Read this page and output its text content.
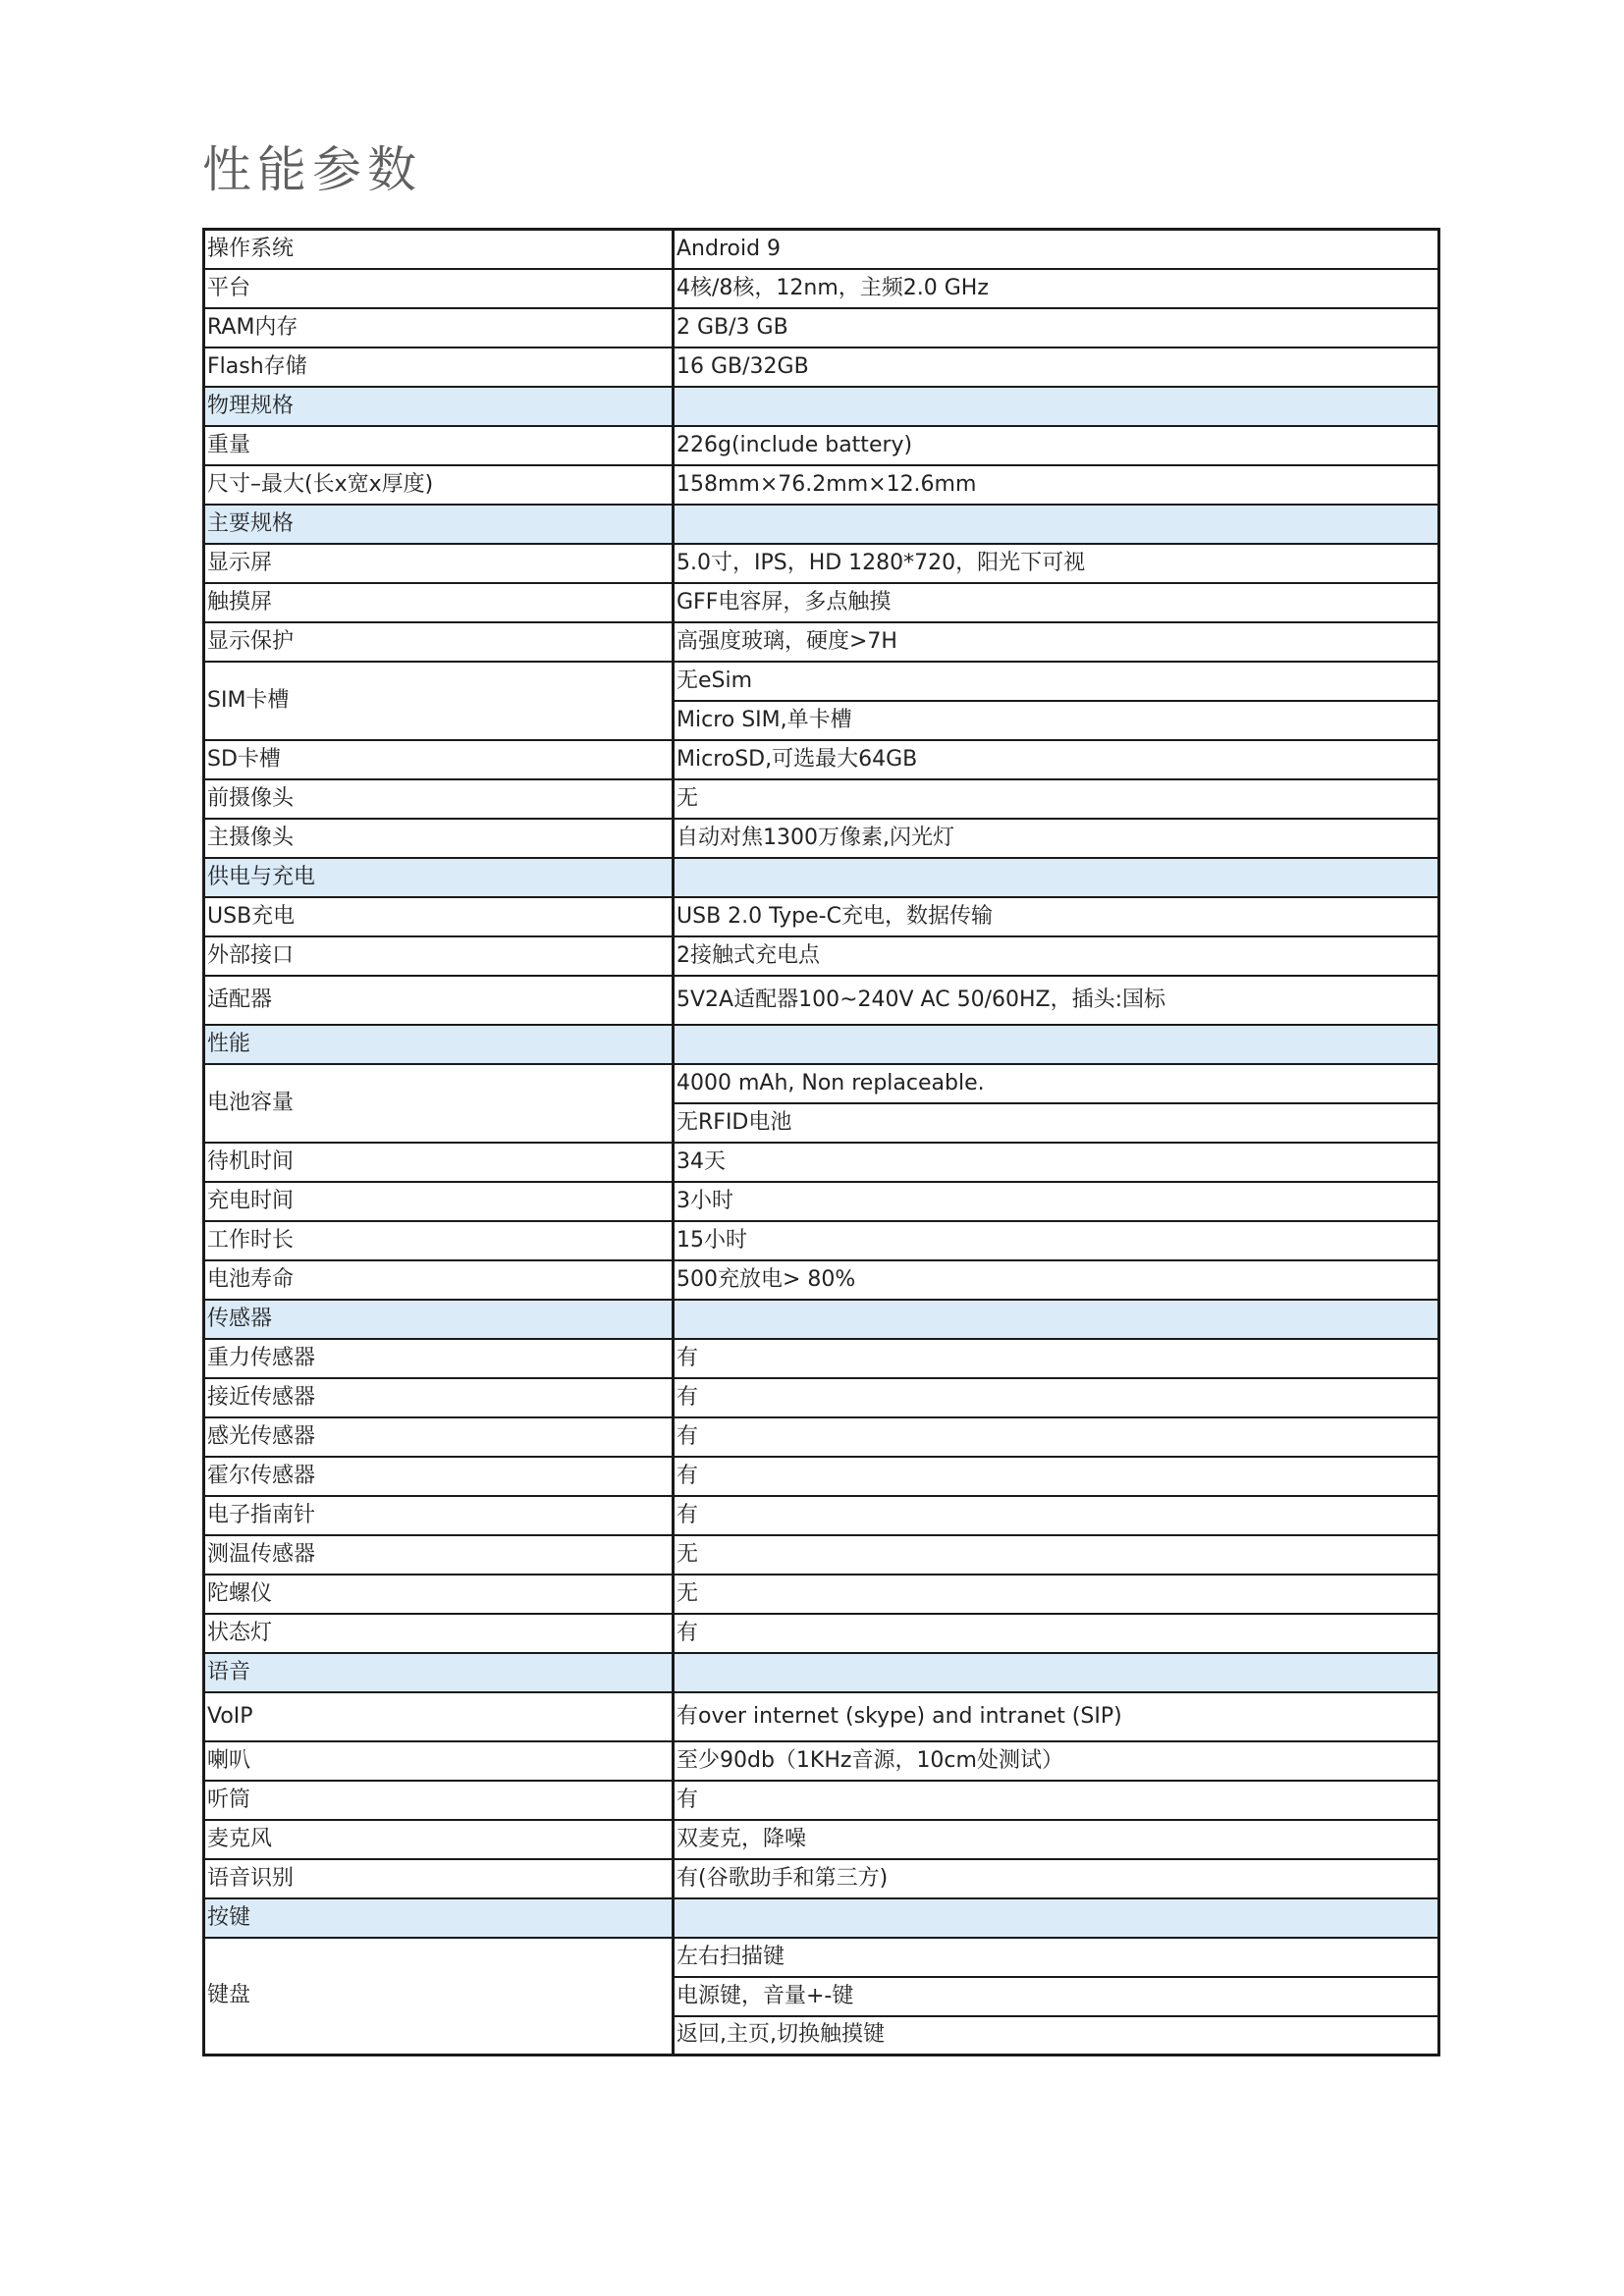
性能参数
操作系统	Android 9
平台	4核/8核，12nm，主频2.0 GHz
RAM内存	2 GB/3 GB
Flash存储	16 GB/32GB
物理规格	
重量	226g(include battery)
尺寸–最大(长x宽x厚度)	158mm×76.2mm×12.6mm
主要规格	
显示屏	5.0寸，IPS，HD 1280*720，阳光下可视
触摸屏	GFF电容屏，多点触摸
显示保护	高强度玻璃，硬度>7H
SIM卡槽	无eSim
	Micro SIM,单卡槽
SD卡槽	MicroSD,可选最大64GB
前摄像头	无
主摄像头	自动对焦1300万像素,闪光灯
供电与充电	
USB充电	USB 2.0 Type-C充电，数据传输
外部接口	2接触式充电点
适配器	5V2A适配器100~240V AC 50/60HZ，插头:国标
性能	
电池容量	4000 mAh, Non replaceable.
	无RFID电池
待机时间	34天
充电时间	3小时
工作时长	15小时
电池寿命	500充放电> 80%
传感器	
重力传感器	有
接近传感器	有
感光传感器	有
霍尔传感器	有
电子指南针	有
测温传感器	无
陀螺仪	无
状态灯	有
语音	
VoIP	有over internet (skype) and intranet (SIP)
喇叭	至少90db（1KHz音源，10cm处测试）
听筒	有
麦克风	双麦克，降噪
语音识别	有(谷歌助手和第三方)
按键	
键盘	左右扫描键
	电源键，音量+-键
	返回,主页,切换触摸键
